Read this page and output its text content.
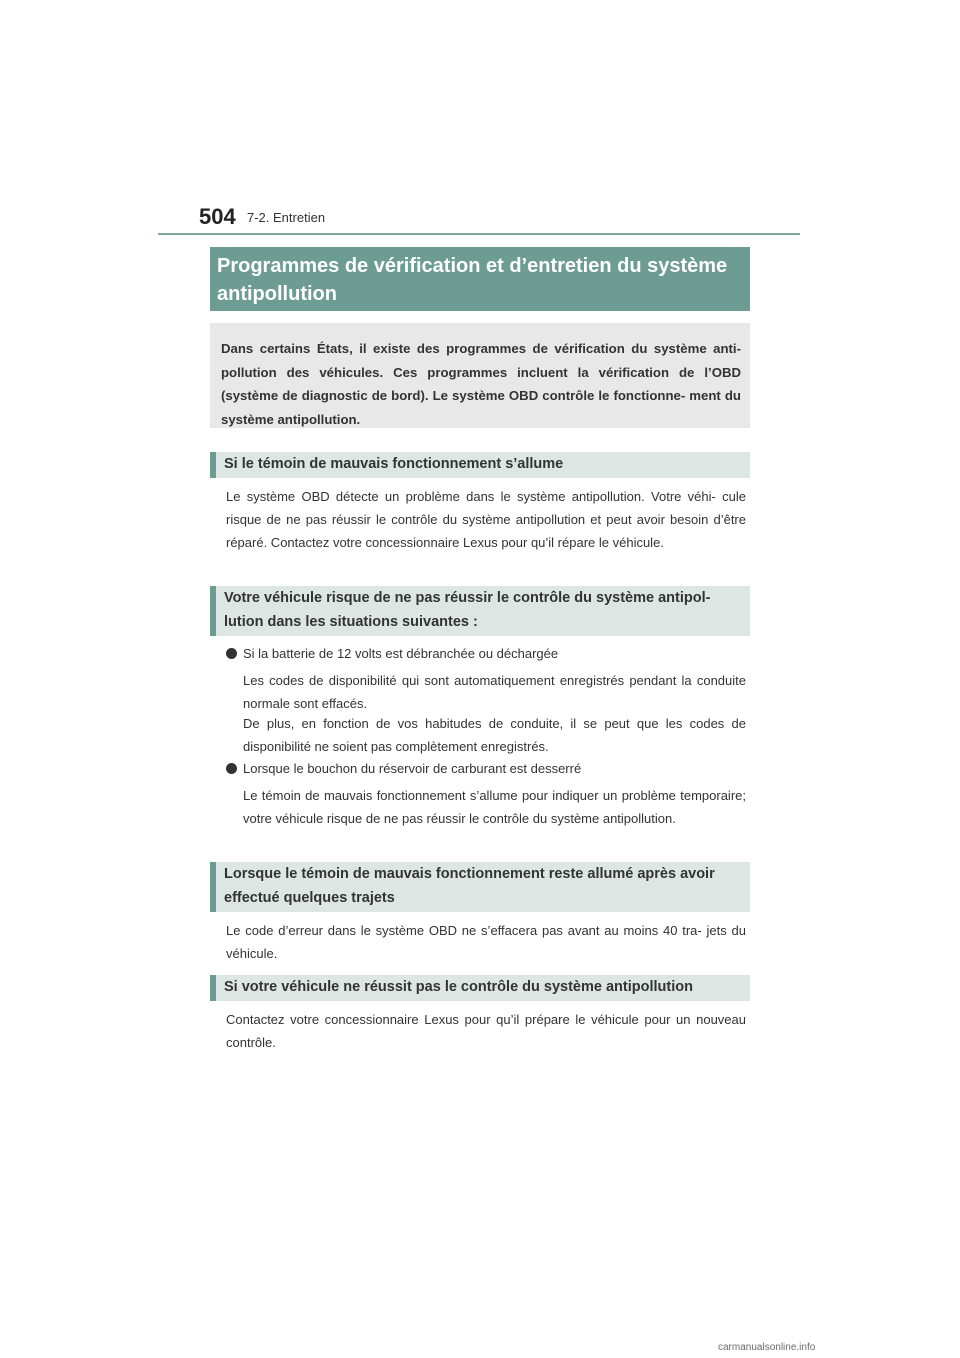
504 7-2. Entretien
Programmes de vérification et d’entretien du système antipollution
Dans certains États, il existe des programmes de vérification du système anti- pollution des véhicules. Ces programmes incluent la vérification de l’OBD (système de diagnostic de bord). Le système OBD contrôle le fonctionne- ment du système antipollution.
Si le témoin de mauvais fonctionnement s’allume
Le système OBD détecte un problème dans le système antipollution. Votre véhi- cule risque de ne pas réussir le contrôle du système antipollution et peut avoir besoin d’être réparé. Contactez votre concessionnaire Lexus pour qu’il répare le véhicule.
Votre véhicule risque de ne pas réussir le contrôle du système antipol- lution dans les situations suivantes :
Si la batterie de 12 volts est débranchée ou déchargée
Les codes de disponibilité qui sont automatiquement enregistrés pendant la conduite normale sont effacés.
De plus, en fonction de vos habitudes de conduite, il se peut que les codes de disponibilité ne soient pas complètement enregistrés.
Lorsque le bouchon du réservoir de carburant est desserré
Le témoin de mauvais fonctionnement s’allume pour indiquer un problème temporaire; votre véhicule risque de ne pas réussir le contrôle du système antipollution.
Lorsque le témoin de mauvais fonctionnement reste allumé après avoir effectué quelques trajets
Le code d’erreur dans le système OBD ne s’effacera pas avant au moins 40 tra- jets du véhicule.
Si votre véhicule ne réussit pas le contrôle du système antipollution
Contactez votre concessionnaire Lexus pour qu’il prépare le véhicule pour un nouveau contrôle.
carmanualsonline.info
